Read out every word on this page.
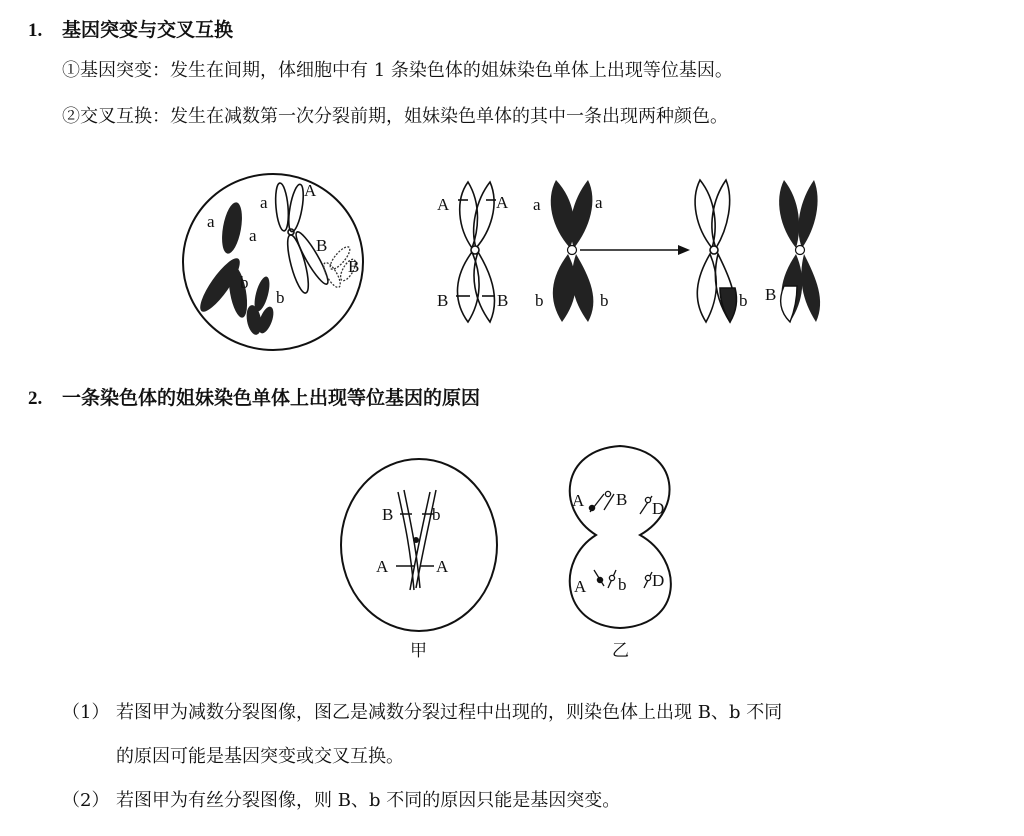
1. 基因突变与交叉互换
①基因突变：发生在间期，体细胞中有 1 条染色体的姐妹染色单体上出现等位基因。
②交叉互换：发生在减数第一次分裂前期，姐妹染色单体的其中一条出现两种颜色。
a
a
a
A
b
b
B
B
A	A a	a
B	B b	b	b B
B b
A	A
甲
A B D
A b D
乙
2. 一条染色体的姐妹染色单体上出现等位基因的原因
（1） 若图甲为减数分裂图像，图乙是减数分裂过程中出现的，则染色体上出现 B、b 不同
的原因可能是基因突变或交叉互换。
（2） 若图甲为有丝分裂图像，则 B、b 不同的原因只能是基因突变。
